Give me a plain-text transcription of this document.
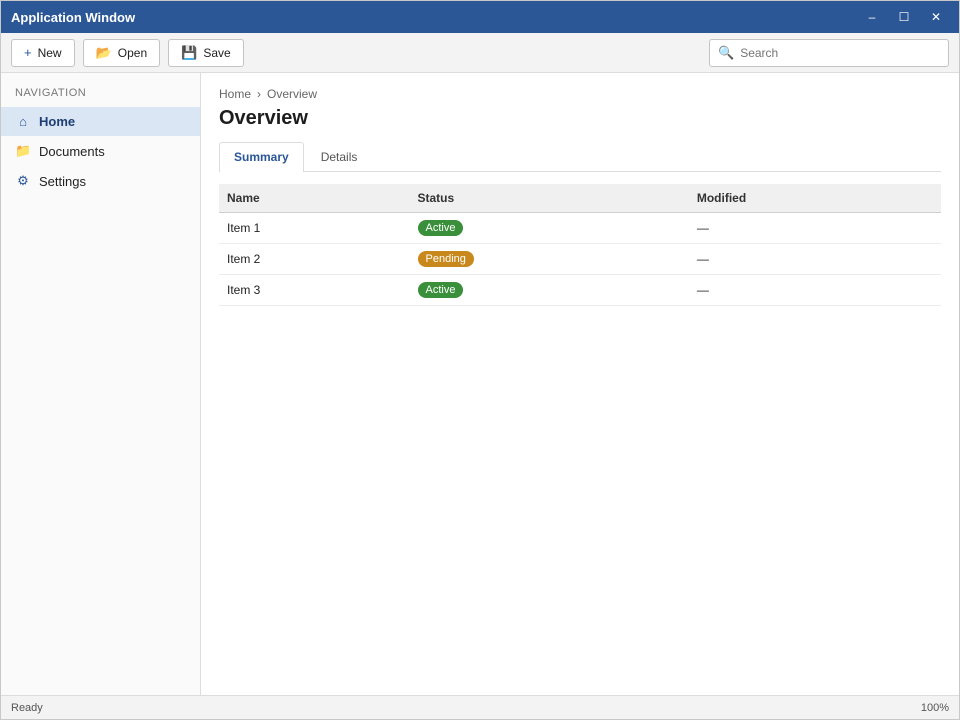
Application Window	–	☐	✕
+ New	📂 Open	💾 Save	🔍
Search
NAVIGATION
⌂ Home
📁 Documents
⚙ Settings
Home › Overview
Overview
Summary	Details
Name	Status	Modified
Item 1	Active	—
Item 2	Pending	—
Item 3	Active	—
Ready	100%
